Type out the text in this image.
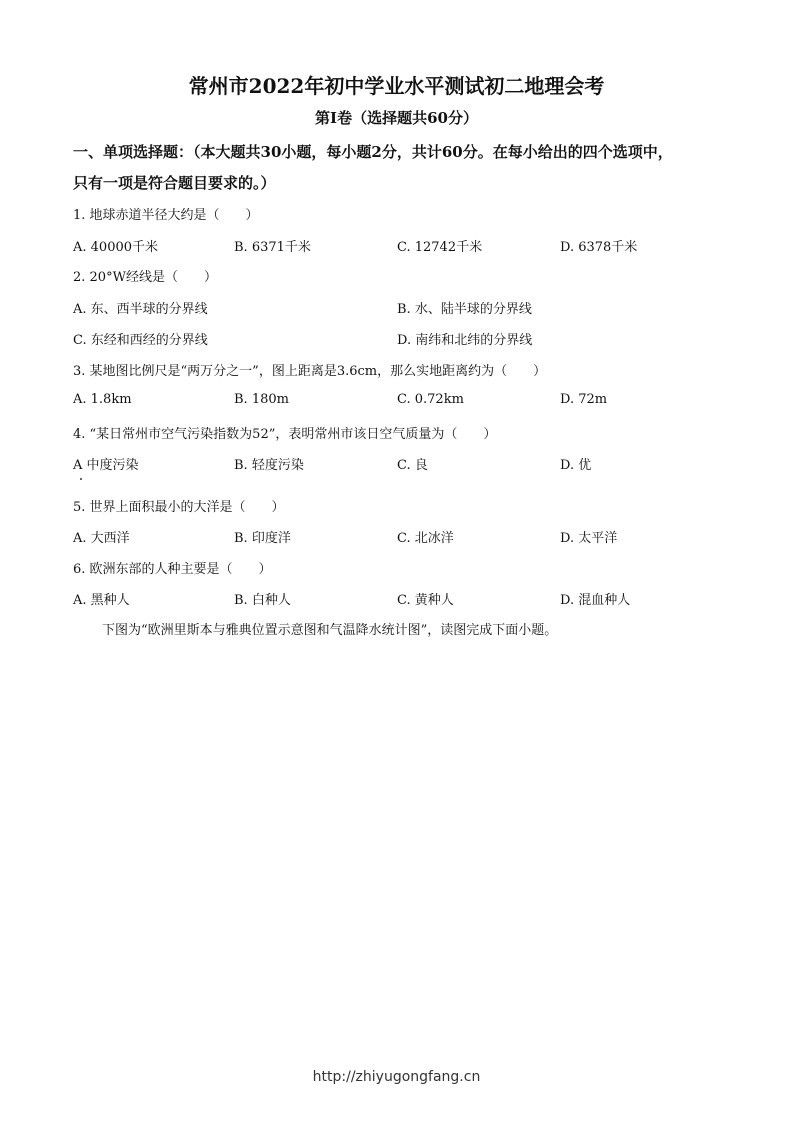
常州市2022年初中学业水平测试初二地理会考
第Ⅰ卷（选择题共60分）
一、单项选择题：（本大题共30小题，每小题2分，共计60分。在每小给出的四个选项中，
只有一项是符合题目要求的。）
1. 地球赤道半径大约是（　　）
A. 40000千米	B. 6371千米	C. 12742千米	D. 6378千米
2. 20°W经线是（　　）
A. 东、西半球的分界线	B. 水、陆半球的分界线
C. 东经和西经的分界线	D. 南纬和北纬的分界线
3. 某地图比例尺是“两万分之一”，图上距离是3.6cm，那么实地距离约为（　　）
A. 1.8km	B. 180m	C. 0.72km	D. 72m
4. “某日常州市空气污染指数为52”，表明常州市该日空气质量为（　　）
A 中度污染	B. 轻度污染	C. 良	D. 优
5. 世界上面积最小的大洋是（　　）
A. 大西洋	B. 印度洋	C. 北冰洋	D. 太平洋
6. 欧洲东部的人种主要是（　　）
A. 黑种人	B. 白种人	C. 黄种人	D. 混血种人
下图为“欧洲里斯本与雅典位置示意图和气温降水统计图”，读图完成下面小题。
http://zhiyugongfang.cn
